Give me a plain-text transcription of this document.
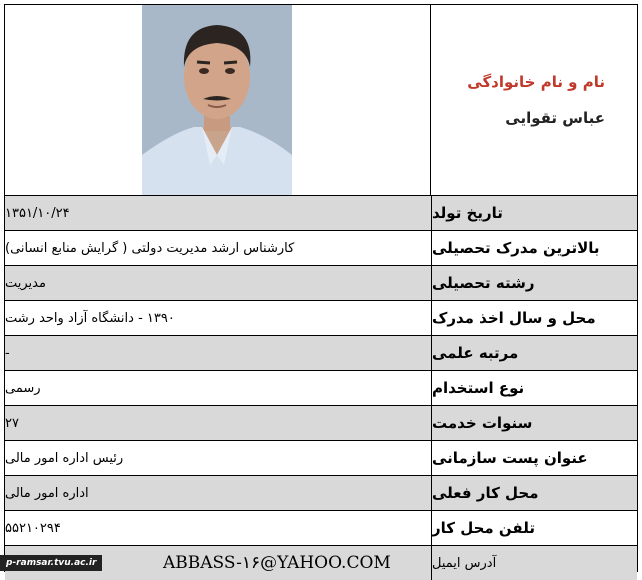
نام و نام خانوادگی
عباس تقوایی
تاریخ تولد
۱۳۵۱/۱۰/۲۴
بالاترین مدرک تحصیلی
کارشناس ارشد مدیریت دولتی ( گرایش منابع انسانی)
رشته تحصیلی
مدیریت
محل و سال اخذ مدرک
۱۳۹۰ - دانشگاه آزاد واحد رشت
مرتبه علمی
-
نوع استخدام
رسمی
سنوات خدمت
۲۷
عنوان پست سازمانی
رئیس اداره امور مالی
محل کار فعلی
اداره امور مالی
تلفن محل کار
۵۵۲۱۰۲۹۴
آدرس ایمیل
ABBASS-۱۶@YAHOO.COM
p-ramsar.tvu.ac.ir
